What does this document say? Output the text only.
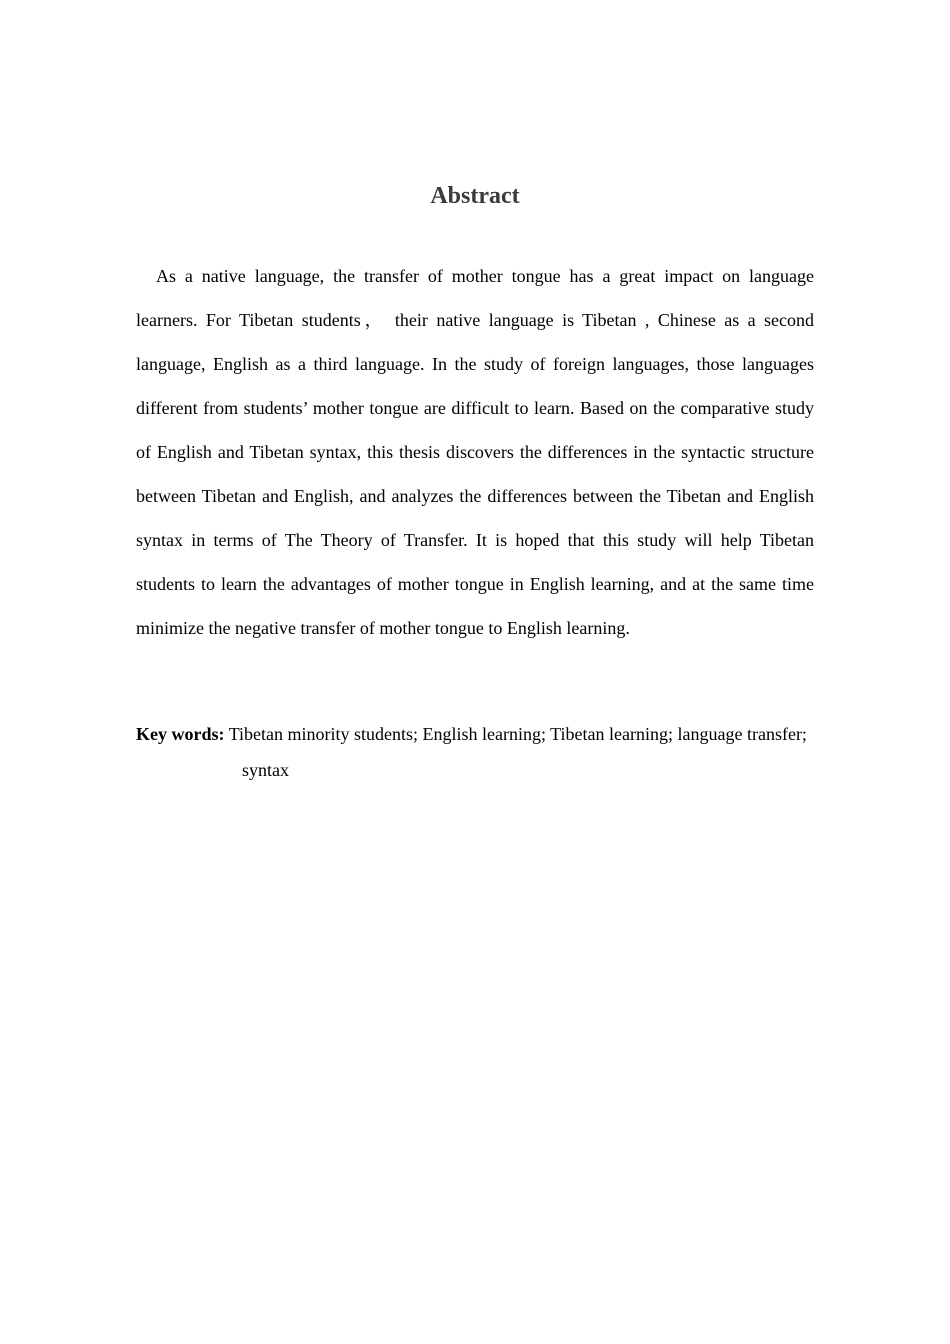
Abstract

As a native language, the transfer of mother tongue has a great impact on language learners. For Tibetan students， their native language is Tibetan , Chinese as a second language, English as a third language. In the study of foreign languages, those languages different from students’ mother tongue are difficult to learn. Based on the comparative study of English and Tibetan syntax, this thesis discovers the differences in the syntactic structure between Tibetan and English, and analyzes the differences between the Tibetan and English syntax in terms of The Theory of Transfer. It is hoped that this study will help Tibetan students to learn the advantages of mother tongue in English learning, and at the same time minimize the negative transfer of mother tongue to English learning.

Key words: Tibetan minority students; English learning; Tibetan learning; language transfer; syntax
